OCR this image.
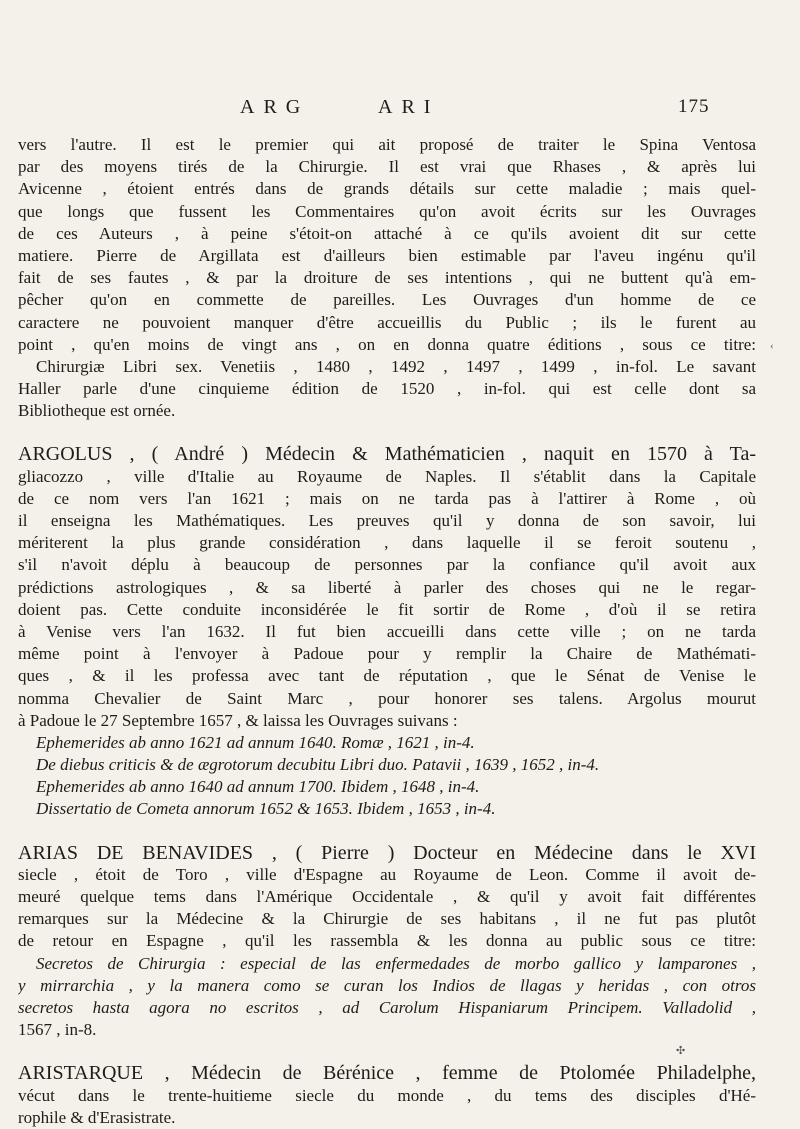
ARG	ARI	175
vers l'autre. Il est le premier qui ait proposé de traiter le Spina Ventosa
par des moyens tirés de la Chirurgie. Il est vrai que Rhases , & après lui
Avicenne , étoient entrés dans de grands détails sur cette maladie ; mais quel-
que longs que fussent les Commentaires qu'on avoit écrits sur les Ouvrages
de ces Auteurs , à peine s'étoit-on attaché à ce qu'ils avoient dit sur cette
matiere. Pierre de Argillata est d'ailleurs bien estimable par l'aveu ingénu qu'il
fait de ses fautes , & par la droiture de ses intentions , qui ne buttent qu'à em-
pêcher qu'on en commette de pareilles. Les Ouvrages d'un homme de ce
caractere ne pouvoient manquer d'être accueillis du Public ; ils le furent au
point , qu'en moins de vingt ans , on en donna quatre éditions , sous ce titre:
Chirurgiæ Libri sex. Venetiis , 1480 , 1492 , 1497 , 1499 , in-fol. Le savant
Haller parle d'une cinquieme édition de 1520 , in-fol. qui est celle dont sa
Bibliotheque est ornée.
ARGOLUS , ( André ) Médecin & Mathématicien , naquit en 1570 à Ta-
gliacozzo , ville d'Italie au Royaume de Naples. Il s'établit dans la Capitale
de ce nom vers l'an 1621 ; mais on ne tarda pas à l'attirer à Rome , où
il enseigna les Mathématiques. Les preuves qu'il y donna de son savoir, lui
mériterent la plus grande considération , dans laquelle il se feroit soutenu ,
s'il n'avoit déplu à beaucoup de personnes par la confiance qu'il avoit aux
prédictions astrologiques , & sa liberté à parler des choses qui ne le regar-
doient pas. Cette conduite inconsidérée le fit sortir de Rome , d'où il se retira
à Venise vers l'an 1632. Il fut bien accueilli dans cette ville ; on ne tarda
même point à l'envoyer à Padoue pour y remplir la Chaire de Mathémati-
ques , & il les professa avec tant de réputation , que le Sénat de Venise le
nomma Chevalier de Saint Marc , pour honorer ses talens. Argolus mourut
à Padoue le 27 Septembre 1657 , & laissa les Ouvrages suivans :
Ephemerides ab anno 1621 ad annum 1640. Romæ , 1621 , in-4.
De diebus criticis & de ægrotorum decubitu Libri duo. Patavii , 1639 , 1652 , in-4.
Ephemerides ab anno 1640 ad annum 1700. Ibidem , 1648 , in-4.
Dissertatio de Cometa annorum 1652 & 1653. Ibidem , 1653 , in-4.
ARIAS DE BENAVIDES , ( Pierre ) Docteur en Médecine dans le XVI
siecle , étoit de Toro , ville d'Espagne au Royaume de Leon. Comme il avoit de-
meuré quelque tems dans l'Amérique Occidentale , & qu'il y avoit fait différentes
remarques sur la Médecine & la Chirurgie de ses habitans , il ne fut pas plutôt
de retour en Espagne , qu'il les rassembla & les donna au public sous ce titre:
Secretos de Chirurgia : especial de las enfermedades de morbo gallico y lamparones ,
y mirrarchia , y la manera como se curan los Indios de llagas y heridas , con otros
secretos hasta agora no escritos , ad Carolum Hispaniarum Principem. Valladolid ,
1567 , in-8.
ARISTARQUE , Médecin de Bérénice , femme de Ptolomée Philadelphe,
vécut dans le trente-huitieme siecle du monde , du tems des disciples d'Hé-
rophile & d'Erasistrate.
‹
✣
